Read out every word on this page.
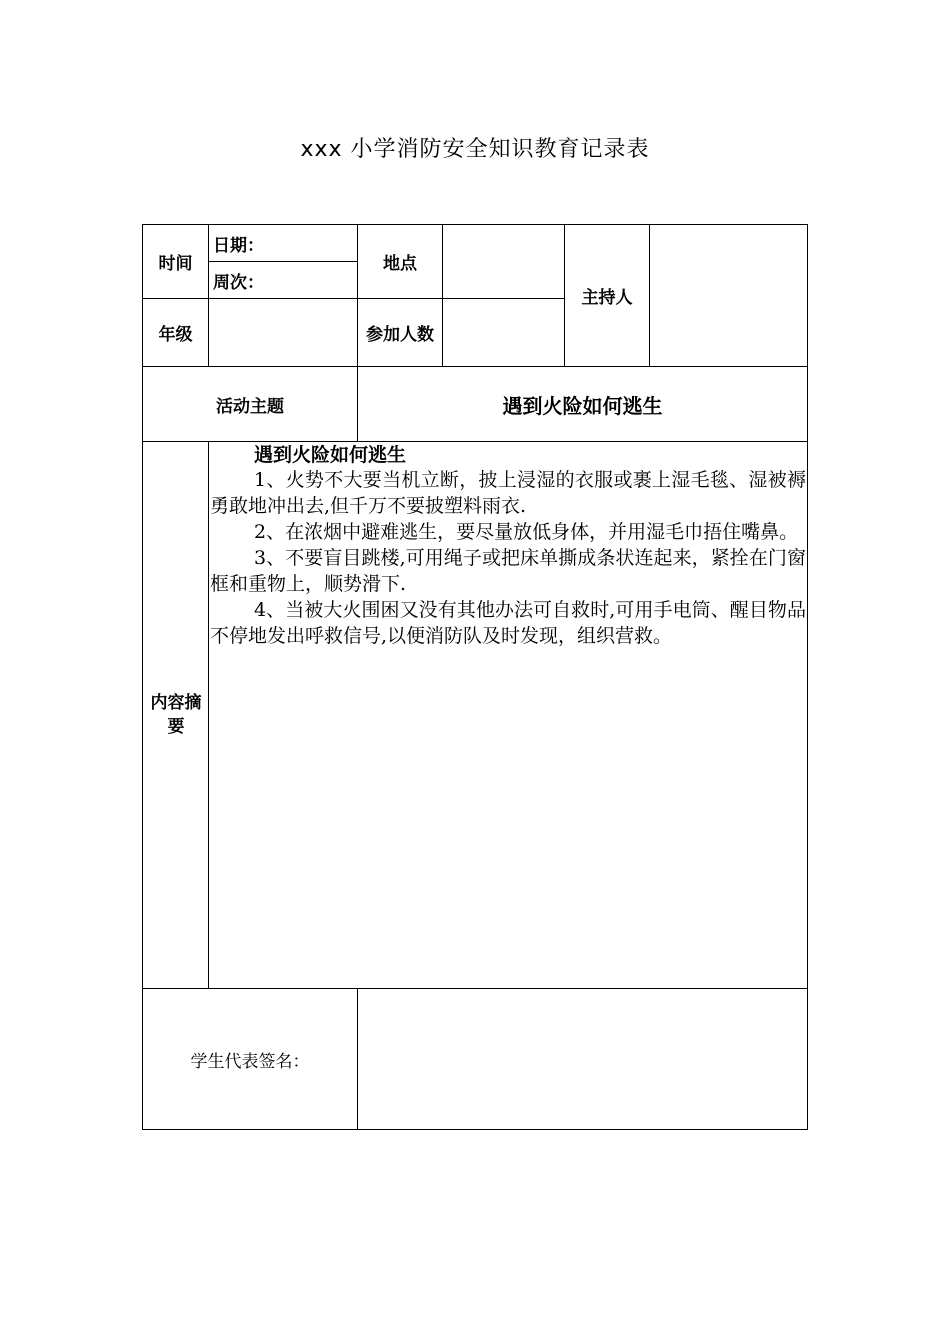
xxx 小学消防安全知识教育记录表
时间
日期：
周次：
地点
主持人
年级	参加人数
活动主题	遇到火险如何逃生
内容摘要
学生代表签名：
遇到火险如何逃生

1、火势不大要当机立断，披上浸湿的衣服或裹上湿毛毯、湿被褥勇敢地冲出去,但千万不要披塑料雨衣.

2、在浓烟中避难逃生，要尽量放低身体，并用湿毛巾捂住嘴鼻。

3、不要盲目跳楼,可用绳子或把床单撕成条状连起来，紧拴在门窗框和重物上，顺势滑下.

4、当被大火围困又没有其他办法可自救时,可用手电筒、醒目物品不停地发出呼救信号,以便消防队及时发现，组织营救。
